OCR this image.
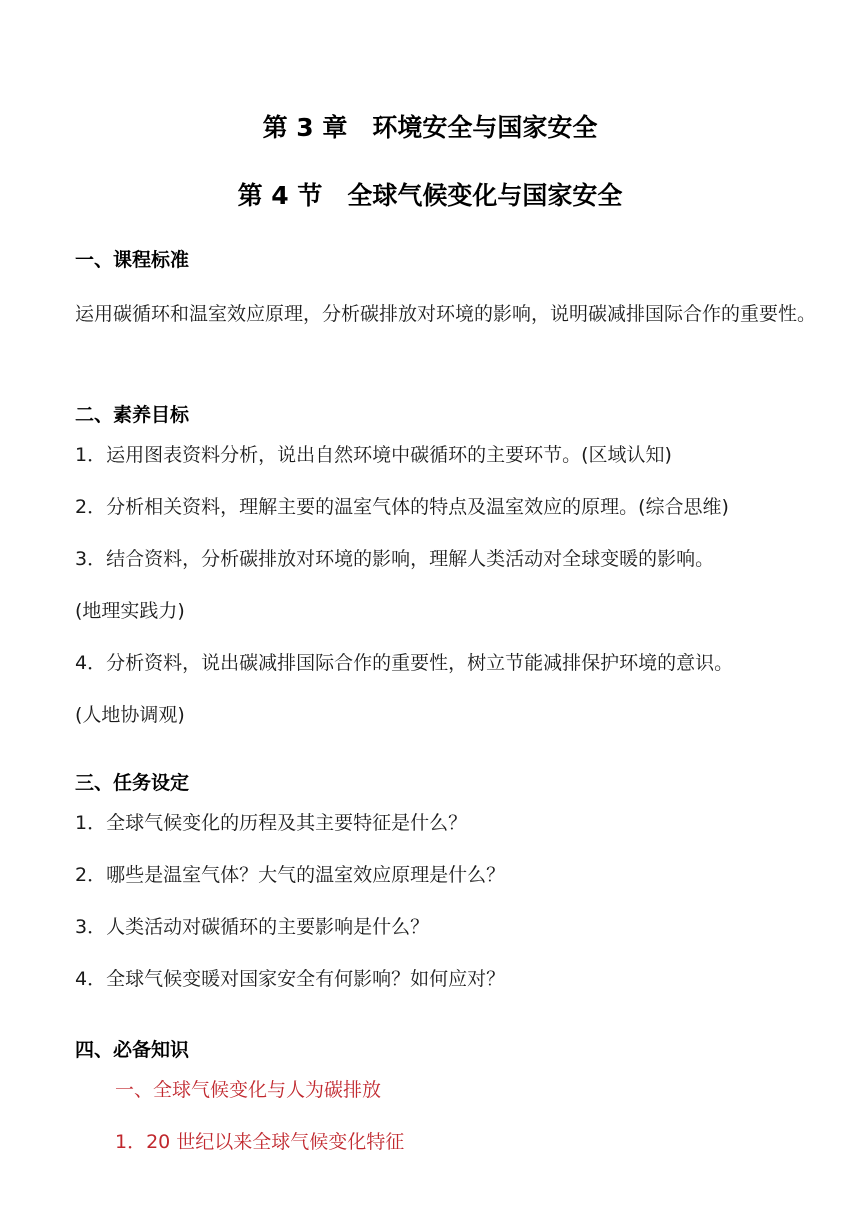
第 3 章　环境安全与国家安全
第 4 节　全球气候变化与国家安全
一、课程标准
运用碳循环和温室效应原理，分析碳排放对环境的影响，说明碳减排国际合作的重要性。
二、素养目标
1．运用图表资料分析，说出自然环境中碳循环的主要环节。(区域认知)
2．分析相关资料，理解主要的温室气体的特点及温室效应的原理。(综合思维)
3．结合资料，分析碳排放对环境的影响，理解人类活动对全球变暖的影响。
(地理实践力)
4．分析资料，说出碳减排国际合作的重要性，树立节能减排保护环境的意识。
(人地协调观)
三、任务设定
1．全球气候变化的历程及其主要特征是什么？
2．哪些是温室气体？大气的温室效应原理是什么？
3．人类活动对碳循环的主要影响是什么？
4．全球气候变暖对国家安全有何影响？如何应对？
四、必备知识
一、全球气候变化与人为碳排放
1．20 世纪以来全球气候变化特征
